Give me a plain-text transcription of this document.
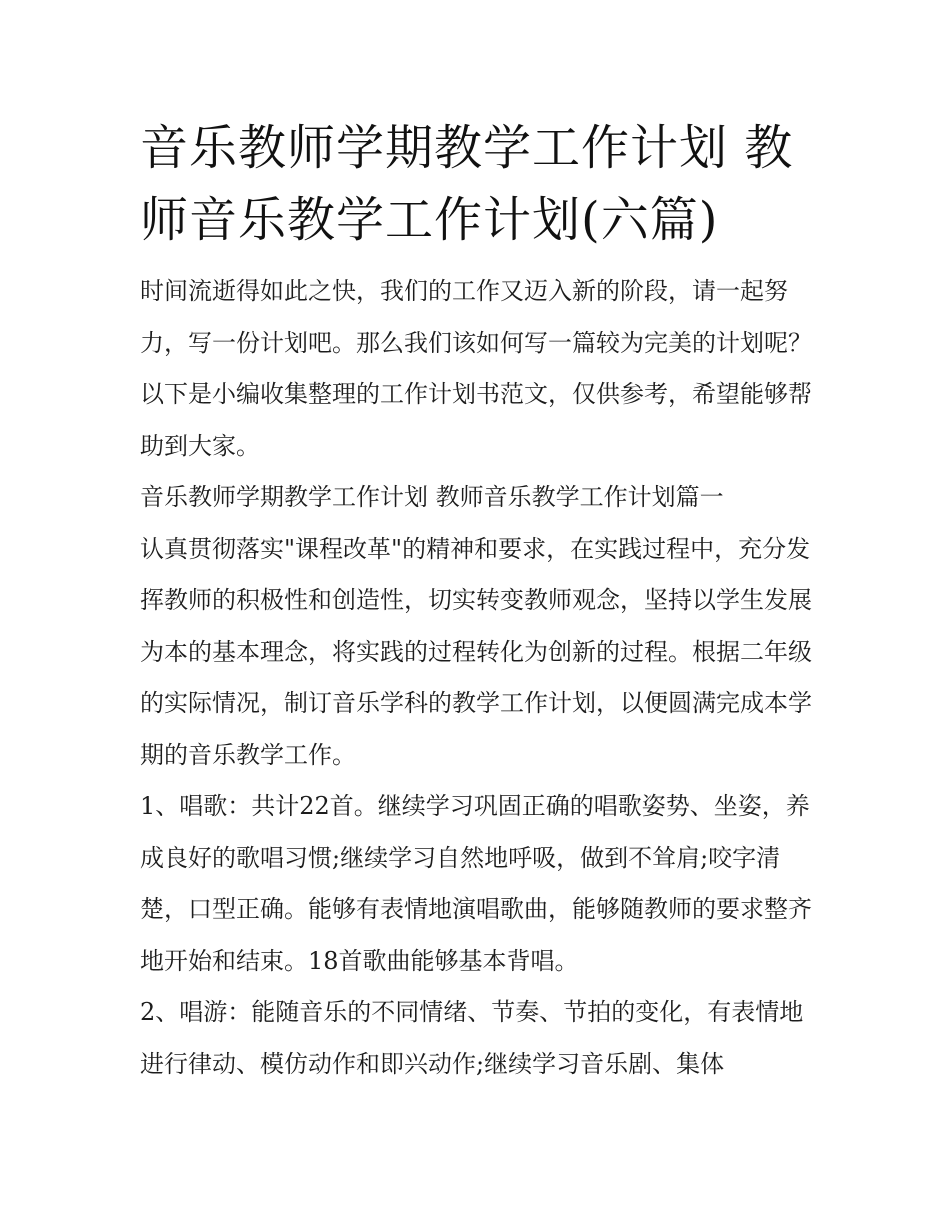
音乐教师学期教学工作计划 教师音乐教学工作计划(六篇)

时间流逝得如此之快，我们的工作又迈入新的阶段，请一起努力，写一份计划吧。那么我们该如何写一篇较为完美的计划呢？以下是小编收集整理的工作计划书范文，仅供参考，希望能够帮助到大家。

音乐教师学期教学工作计划 教师音乐教学工作计划篇一

认真贯彻落实"课程改革"的精神和要求，在实践过程中，充分发挥教师的积极性和创造性，切实转变教师观念，坚持以学生发展为本的基本理念，将实践的过程转化为创新的过程。根据二年级的实际情况，制订音乐学科的教学工作计划，以便圆满完成本学期的音乐教学工作。

1、唱歌：共计22首。继续学习巩固正确的唱歌姿势、坐姿，养成良好的歌唱习惯;继续学习自然地呼吸，做到不耸肩;咬字清楚，口型正确。能够有表情地演唱歌曲，能够随教师的要求整齐地开始和结束。18首歌曲能够基本背唱。

2、唱游：能随音乐的不同情绪、节奏、节拍的变化，有表情地进行律动、模仿动作和即兴动作;继续学习音乐剧、集体
